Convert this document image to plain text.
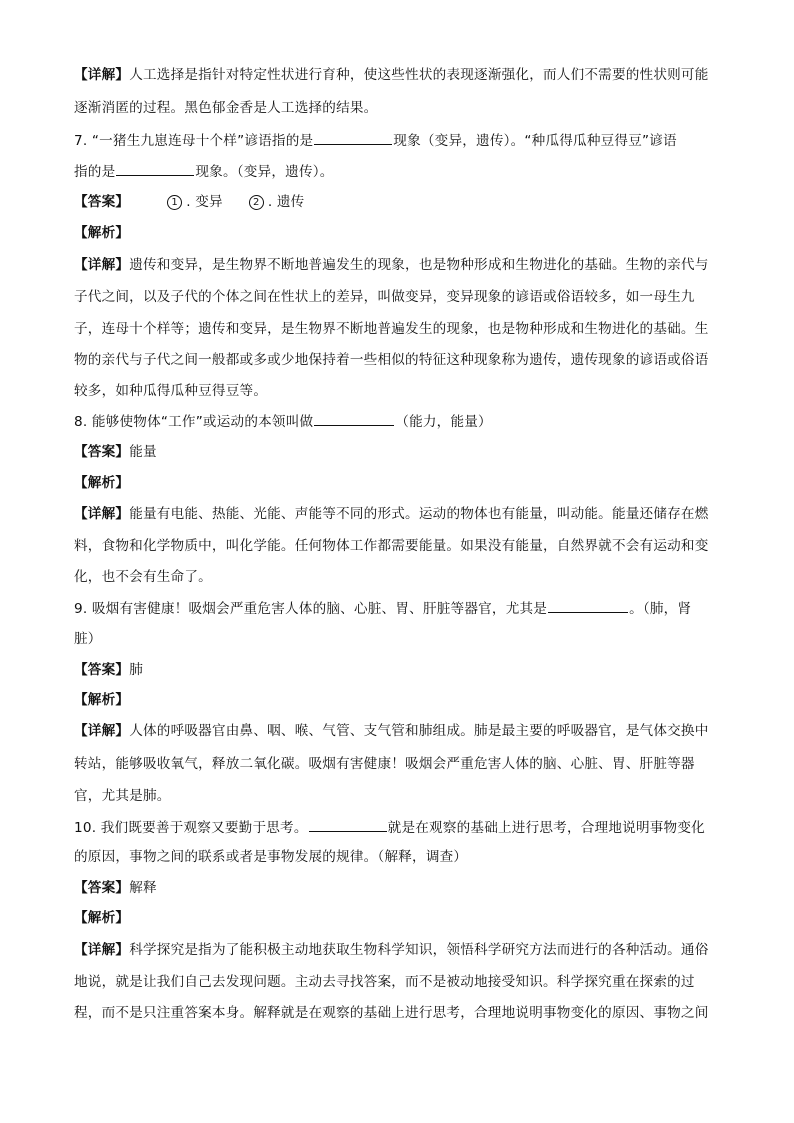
【详解】人工选择是指针对特定性状进行育种，使这些性状的表现逐渐强化，而人们不需要的性状则可能
逐渐消匿的过程。黑色郁金香是人工选择的结果。
7. “一猪生九崽连母十个样”谚语指的是	现象（变异，遗传）。“种瓜得瓜种豆得豆”谚语
指的是	现象。（变异，遗传）。
【答案】	1 . 变异	2 . 遗传
【解析】
【详解】遗传和变异，是生物界不断地普遍发生的现象，也是物种形成和生物进化的基础。生物的亲代与
子代之间，以及子代的个体之间在性状上的差异，叫做变异，变异现象的谚语或俗语较多，如一母生九
子，连母十个样等；遗传和变异，是生物界不断地普遍发生的现象，也是物种形成和生物进化的基础。生
物的亲代与子代之间一般都或多或少地保持着一些相似的特征这种现象称为遗传，遗传现象的谚语或俗语
较多，如种瓜得瓜种豆得豆等。
8. 能够使物体“工作”或运动的本领叫做	（能力，能量）
【答案】能量
【解析】
【详解】能量有电能、热能、光能、声能等不同的形式。运动的物体也有能量，叫动能。能量还储存在燃
料，食物和化学物质中，叫化学能。任何物体工作都需要能量。如果没有能量，自然界就不会有运动和变
化，也不会有生命了。
9. 吸烟有害健康！吸烟会严重危害人体的脑、心脏、胃、肝脏等器官，尤其是	。（肺，肾
脏）
【答案】肺
【解析】
【详解】人体的呼吸器官由鼻、咽、喉、气管、支气管和肺组成。肺是最主要的呼吸器官，是气体交换中
转站，能够吸收氧气，释放二氧化碳。吸烟有害健康！吸烟会严重危害人体的脑、心脏、胃、肝脏等器
官，尤其是肺。
10. 我们既要善于观察又要勤于思考。	就是在观察的基础上进行思考，合理地说明事物变化
的原因，事物之间的联系或者是事物发展的规律。（解释，调查）
【答案】解释
【解析】
【详解】科学探究是指为了能积极主动地获取生物科学知识，领悟科学研究方法而进行的各种活动。通俗
地说，就是让我们自己去发现问题。主动去寻找答案，而不是被动地接受知识。科学探究重在探索的过
程，而不是只注重答案本身。解释就是在观察的基础上进行思考，合理地说明事物变化的原因、事物之间
